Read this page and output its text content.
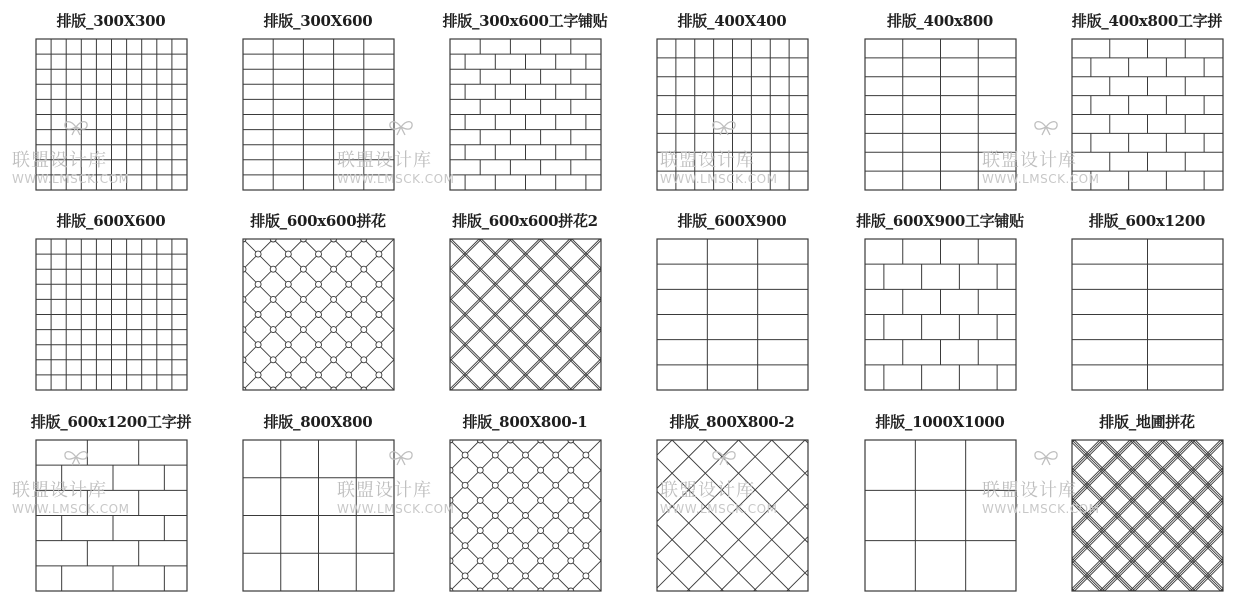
排版_300X300	排版_300X600	排版_300x600工字铺贴	排版_400X400	排版_400x800	排版_400x800工字拼
排版_600X600	排版_600x600拼花	排版_600x600拼花2	排版_600X900	排版_600X900工字铺贴	排版_600x1200
排版_600x1200工字拼	排版_800X800	排版_800X800-1	排版_800X800-2	排版_1000X1000	排版_地圃拼花
联盟设计库
WWW.LMSCK.COM
联盟设计库
WWW.LMSCK.COM
联盟设计库
WWW.LMSCK.COM
联盟设计库
WWW.LMSCK.COM
联盟设计库
WWW.LMSCK.COM
联盟设计库
WWW.LMSCK.COM
联盟设计库
WWW.LMSCK.COM
联盟设计库
WWW.LMSCK.COM
